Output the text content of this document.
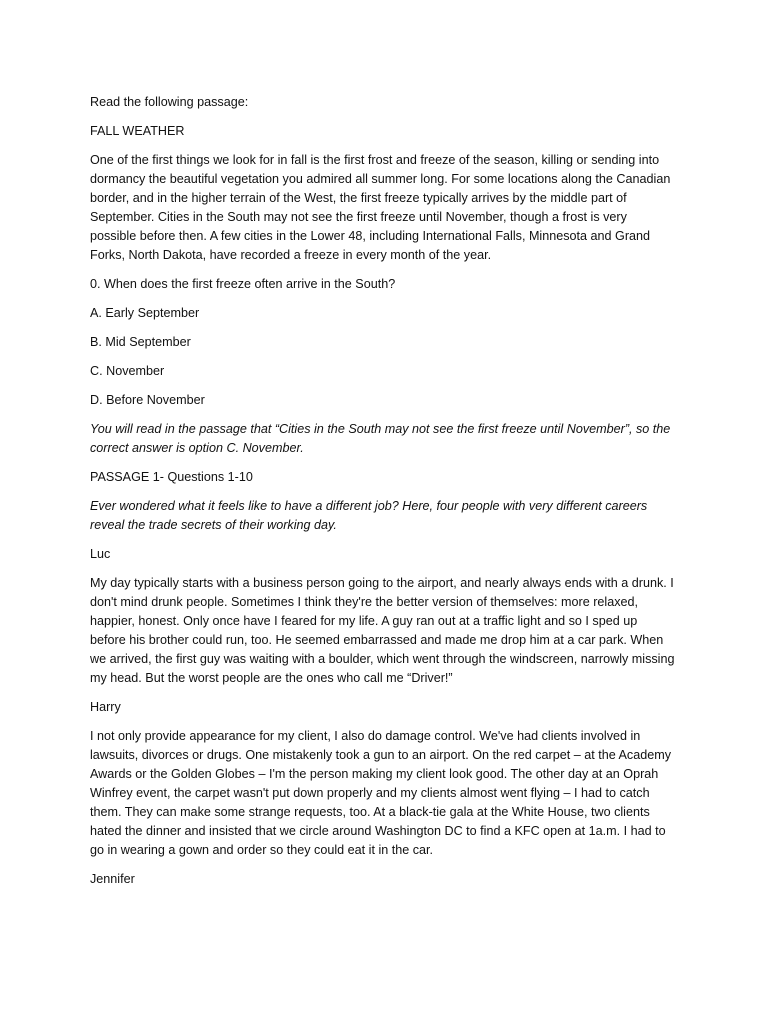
Read the following passage:

FALL WEATHER

One of the first things we look for in fall is the first frost and freeze of the season, killing or sending into dormancy the beautiful vegetation you admired all summer long. For some locations along the Canadian border, and in the higher terrain of the West, the first freeze typically arrives by the middle part of September. Cities in the South may not see the first freeze until November, though a frost is very possible before then. A few cities in the Lower 48, including International Falls, Minnesota and Grand Forks, North Dakota, have recorded a freeze in every month of the year.

0. When does the first freeze often arrive in the South?

A. Early September

B. Mid September

C. November

D. Before November

You will read in the passage that “Cities in the South may not see the first freeze until November”, so the correct answer is option C. November.

PASSAGE 1- Questions 1-10

Ever wondered what it feels like to have a different job? Here, four people with very different careers reveal the trade secrets of their working day.

Luc

My day typically starts with a business person going to the airport, and nearly always ends with a drunk. I don't mind drunk people. Sometimes I think they're the better version of themselves: more relaxed, happier, honest. Only once have I feared for my life. A guy ran out at a traffic light and so I sped up before his brother could run, too. He seemed embarrassed and made me drop him at a car park. When we arrived, the first guy was waiting with a boulder, which went through the windscreen, narrowly missing my head. But the worst people are the ones who call me “Driver!”

Harry

I not only provide appearance for my client, I also do damage control. We've had clients involved in lawsuits, divorces or drugs. One mistakenly took a gun to an airport. On the red carpet – at the Academy Awards or the Golden Globes – I'm the person making my client look good. The other day at an Oprah Winfrey event, the carpet wasn't put down properly and my clients almost went flying – I had to catch them. They can make some strange requests, too. At a black-tie gala at the White House, two clients hated the dinner and insisted that we circle around Washington DC to find a KFC open at 1a.m. I had to go in wearing a gown and order so they could eat it in the car.

Jennifer
